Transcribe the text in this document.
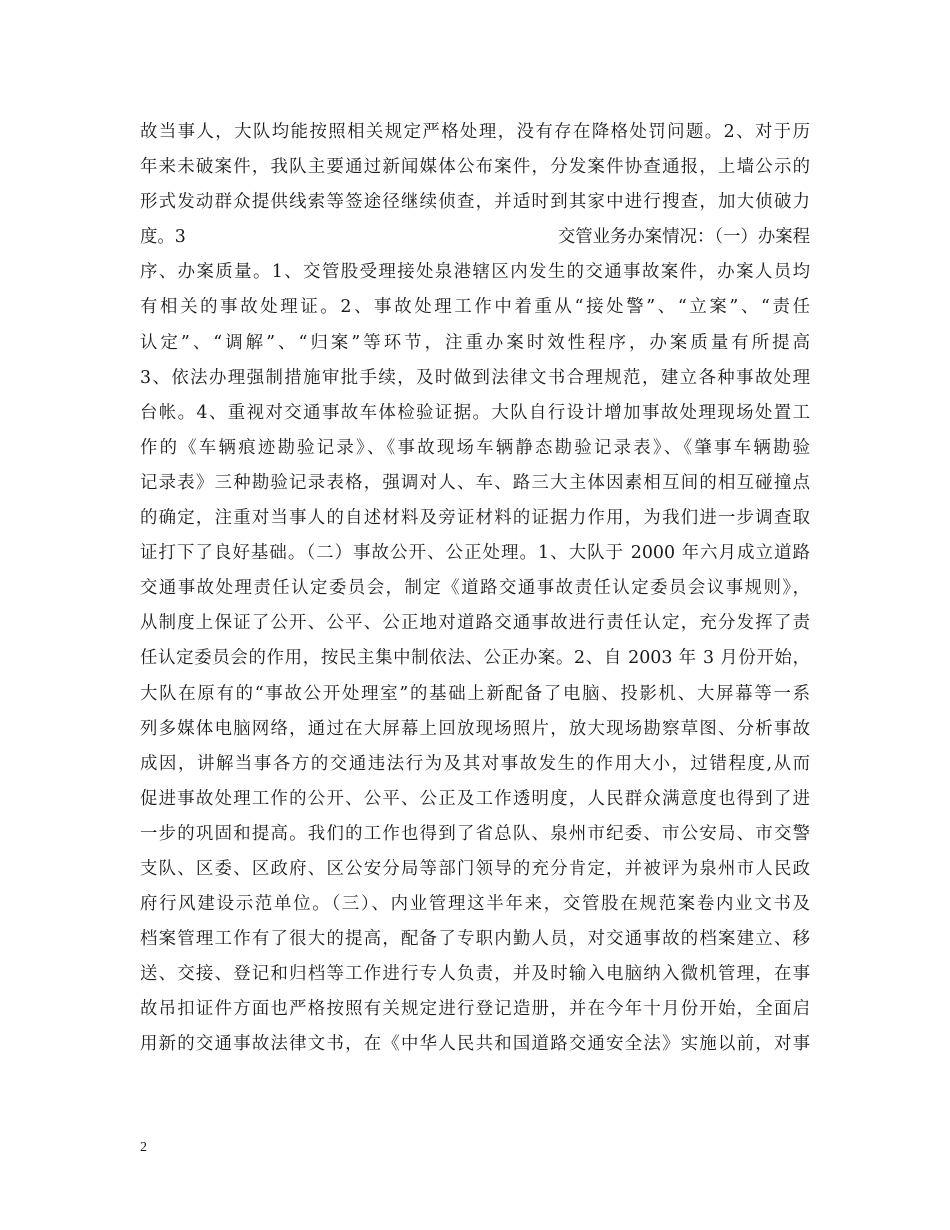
故当事人，大队均能按照相关规定严格处理，没有存在降格处罚问题。2、对于历
年来未破案件，我队主要通过新闻媒体公布案件，分发案件协查通报，上墙公示的
形式发动群众提供线索等签途径继续侦查，并适时到其家中进行搜查，加大侦破力
度。3	交管业务办案情况：（一）办案程
序、办案质量。1、交管股受理接处泉港辖区内发生的交通事故案件，办案人员均
有相关的事故处理证。2、事故处理工作中着重从“接处警”、“立案”、“责任
认定”、“调解”、“归案”等环节，注重办案时效性程序，办案质量有所提高
3、依法办理强制措施审批手续，及时做到法律文书合理规范，建立各种事故处理
台帐。4、重视对交通事故车体检验证据。大队自行设计增加事故处理现场处置工
作的《车辆痕迹勘验记录》、《事故现场车辆静态勘验记录表》、《肇事车辆勘验
记录表》三种勘验记录表格，强调对人、车、路三大主体因素相互间的相互碰撞点
的确定，注重对当事人的自述材料及旁证材料的证据力作用，为我们进一步调查取
证打下了良好基础。（二）事故公开、公正处理。1、大队于 2000 年六月成立道路
交通事故处理责任认定委员会，制定《道路交通事故责任认定委员会议事规则》，
从制度上保证了公开、公平、公正地对道路交通事故进行责任认定，充分发挥了责
任认定委员会的作用，按民主集中制依法、公正办案。2、自 2003 年 3 月份开始，
大队在原有的“事故公开处理室”的基础上新配备了电脑、投影机、大屏幕等一系
列多媒体电脑网络，通过在大屏幕上回放现场照片，放大现场勘察草图、分析事故
成因，讲解当事各方的交通违法行为及其对事故发生的作用大小，过错程度,从而
促进事故处理工作的公开、公平、公正及工作透明度，人民群众满意度也得到了进
一步的巩固和提高。我们的工作也得到了省总队、泉州市纪委、市公安局、市交警
支队、区委、区政府、区公安分局等部门领导的充分肯定，并被评为泉州市人民政
府行风建设示范单位。（三）、内业管理这半年来，交管股在规范案卷内业文书及
档案管理工作有了很大的提高，配备了专职内勤人员，对交通事故的档案建立、移
送、交接、登记和归档等工作进行专人负责，并及时输入电脑纳入微机管理，在事
故吊扣证件方面也严格按照有关规定进行登记造册，并在今年十月份开始，全面启
用新的交通事故法律文书，在《中华人民共和国道路交通安全法》实施以前，对事
2
